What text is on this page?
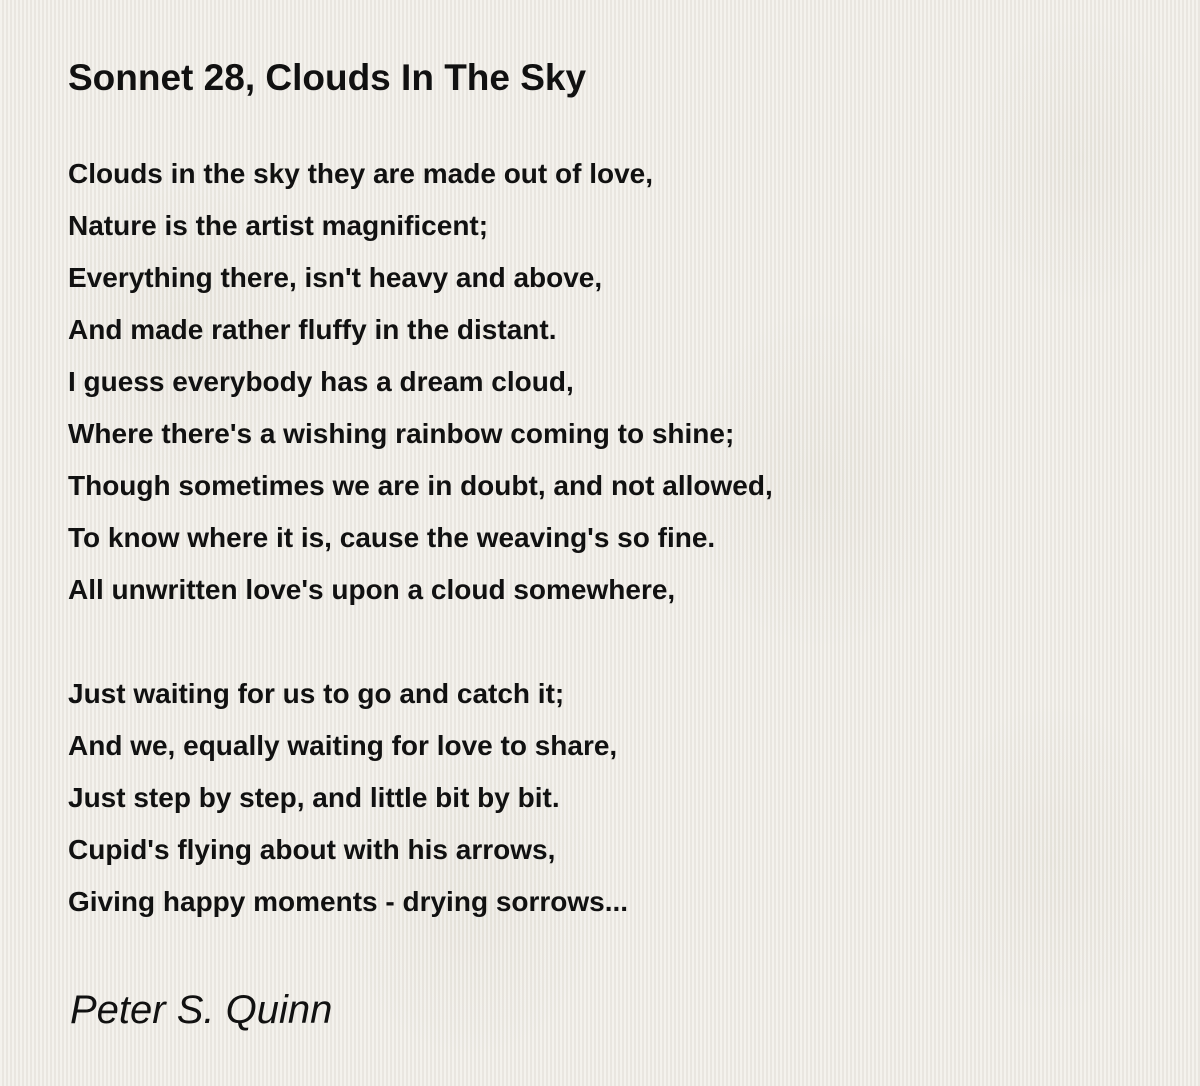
Sonnet 28, Clouds In The Sky
Clouds in the sky they are made out of love,
Nature is the artist magnificent;
Everything there, isn't heavy and above,
And made rather fluffy in the distant.
I guess everybody has a dream cloud,
Where there's a wishing rainbow coming to shine;
Though sometimes we are in doubt, and not allowed,
To know where it is, cause the weaving's so fine.
All unwritten love's upon a cloud somewhere,
Just waiting for us to go and catch it;
And we, equally waiting for love to share,
Just step by step, and little bit by bit.
Cupid's flying about with his arrows,
Giving happy moments - drying sorrows...

Peter S. Quinn
